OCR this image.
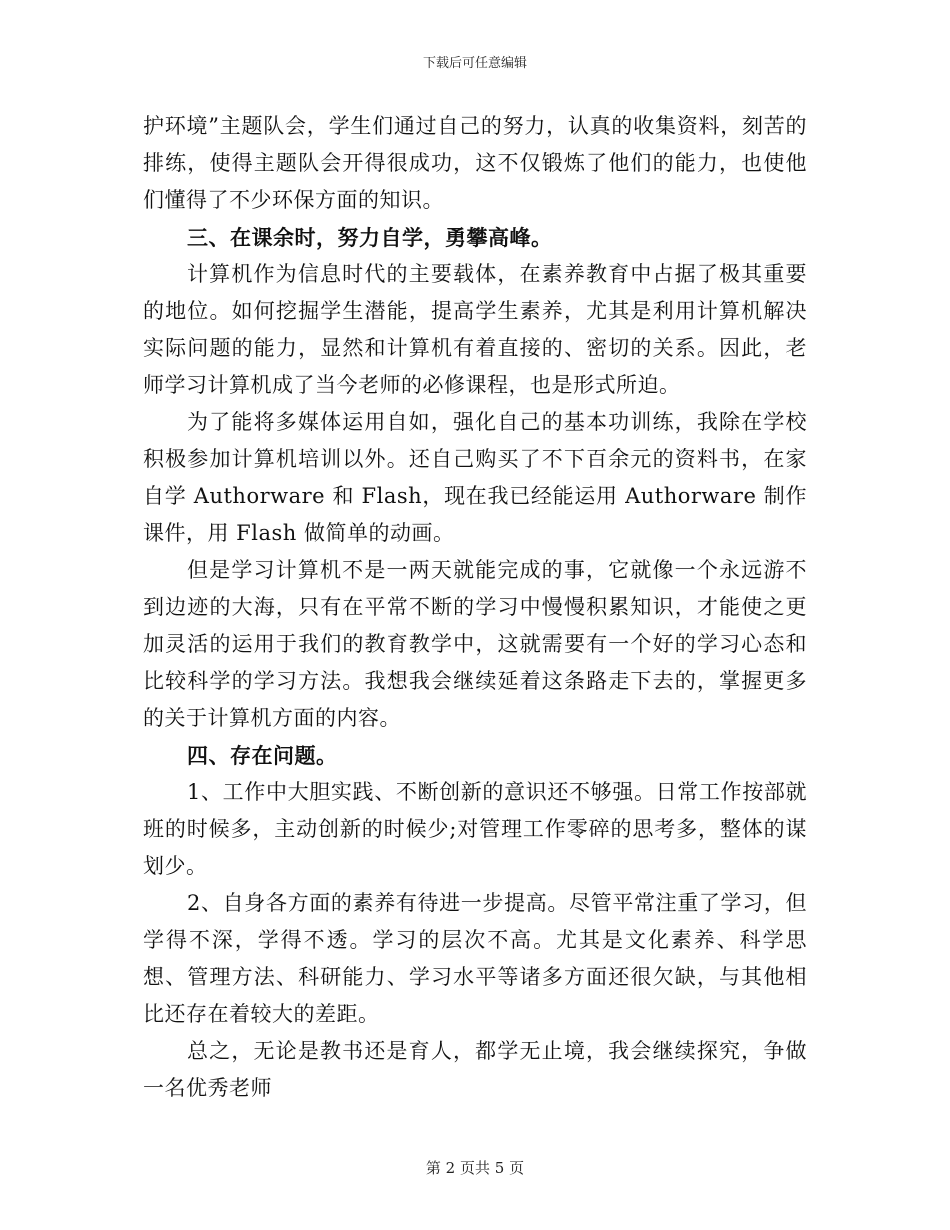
下载后可任意编辑

护环境”主题队会，学生们通过自己的努力，认真的收集资料，刻苦的排练，使得主题队会开得很成功，这不仅锻炼了他们的能力，也使他们懂得了不少环保方面的知识。

三、在课余时，努力自学，勇攀高峰。

计算机作为信息时代的主要载体，在素养教育中占据了极其重要的地位。如何挖掘学生潜能，提高学生素养，尤其是利用计算机解决实际问题的能力，显然和计算机有着直接的、密切的关系。因此，老师学习计算机成了当今老师的必修课程，也是形式所迫。

为了能将多媒体运用自如，强化自己的基本功训练，我除在学校积极参加计算机培训以外。还自己购买了不下百余元的资料书，在家自学 Authorware 和 Flash，现在我已经能运用 Authorware 制作课件，用 Flash 做简单的动画。

但是学习计算机不是一两天就能完成的事，它就像一个永远游不到边迹的大海，只有在平常不断的学习中慢慢积累知识，才能使之更加灵活的运用于我们的教育教学中，这就需要有一个好的学习心态和比较科学的学习方法。我想我会继续延着这条路走下去的，掌握更多的关于计算机方面的内容。

四、存在问题。

1、工作中大胆实践、不断创新的意识还不够强。日常工作按部就班的时候多，主动创新的时候少;对管理工作零碎的思考多，整体的谋划少。

2、自身各方面的素养有待进一步提高。尽管平常注重了学习，但学得不深，学得不透。学习的层次不高。尤其是文化素养、科学思想、管理方法、科研能力、学习水平等诸多方面还很欠缺，与其他相比还存在着较大的差距。

总之，无论是教书还是育人，都学无止境，我会继续探究，争做一名优秀老师

第 2 页共 5 页
